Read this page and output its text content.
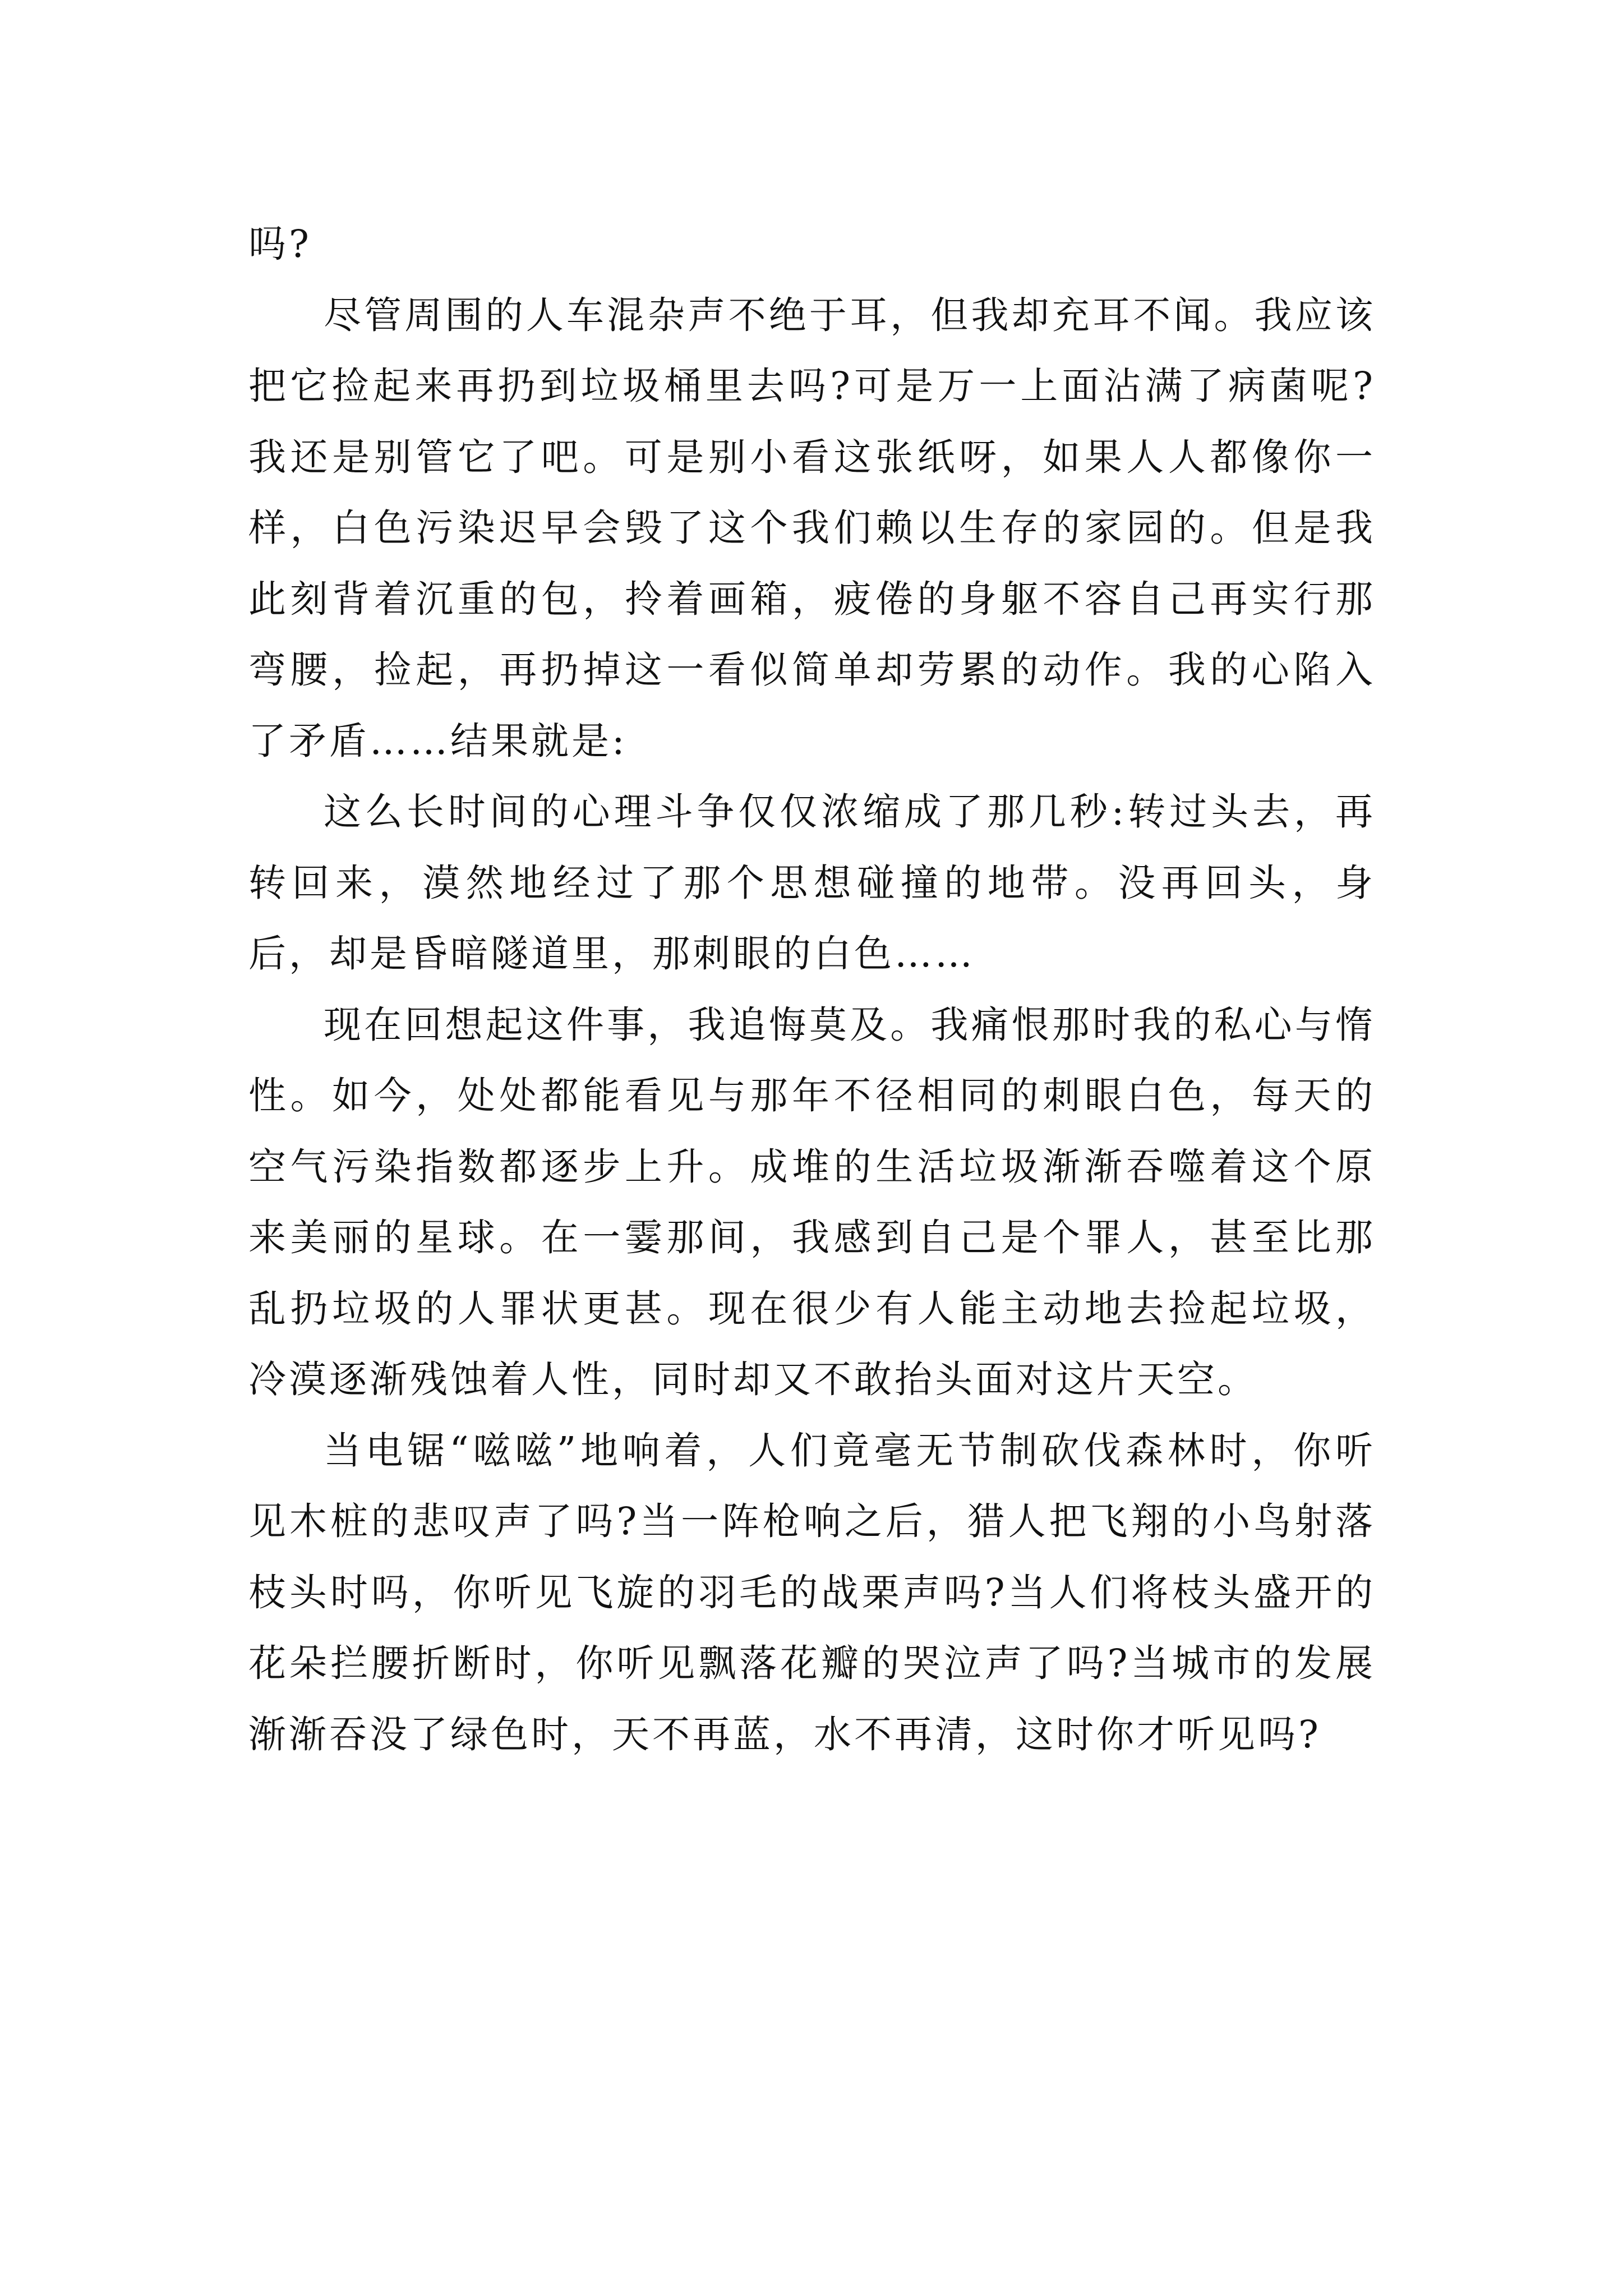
吗?

尽管周围的人车混杂声不绝于耳，但我却充耳不闻。我应该把它捡起来再扔到垃圾桶里去吗?可是万一上面沾满了病菌呢?我还是别管它了吧。可是别小看这张纸呀，如果人人都像你一样，白色污染迟早会毁了这个我们赖以生存的家园的。但是我此刻背着沉重的包，拎着画箱，疲倦的身躯不容自己再实行那弯腰，捡起，再扔掉这一看似简单却劳累的动作。我的心陷入了矛盾……结果就是:

这么长时间的心理斗争仅仅浓缩成了那几秒:转过头去，再转回来，漠然地经过了那个思想碰撞的地带。没再回头，身后，却是昏暗隧道里，那刺眼的白色……

现在回想起这件事，我追悔莫及。我痛恨那时我的私心与惰性。如今，处处都能看见与那年不径相同的刺眼白色，每天的空气污染指数都逐步上升。成堆的生活垃圾渐渐吞噬着这个原来美丽的星球。在一霎那间，我感到自己是个罪人，甚至比那乱扔垃圾的人罪状更甚。现在很少有人能主动地去捡起垃圾，冷漠逐渐残蚀着人性，同时却又不敢抬头面对这片天空。

当电锯“嗞嗞”地响着，人们竟毫无节制砍伐森林时，你听见木桩的悲叹声了吗?当一阵枪响之后，猎人把飞翔的小鸟射落枝头时吗，你听见飞旋的羽毛的战栗声吗?当人们将枝头盛开的花朵拦腰折断时，你听见飘落花瓣的哭泣声了吗?当城市的发展渐渐吞没了绿色时，天不再蓝，水不再清，这时你才听见吗?
